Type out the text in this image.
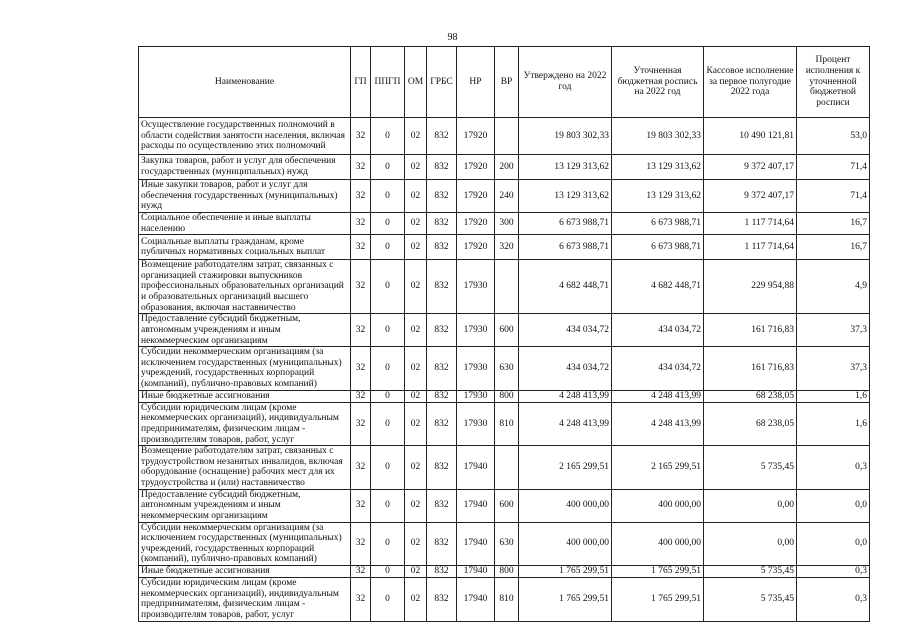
98
Наименование	ГП	ППГП	ОМ	ГРБС	НР	ВР	Утверждено на 2022 год	Уточненная бюджетная роспись на 2022 год	Кассовое исполнение за первое полугодие 2022 года	Процент исполнения к уточненной бюджетной росписи
Осуществление государственных полномочий в области содействия занятости населения, включая расходы по осуществлению этих полномочий	32	0	02	832	17920		19 803 302,33	19 803 302,33	10 490 121,81	53,0
Закупка товаров, работ и услуг для обеспечения государственных (муниципальных) нужд	32	0	02	832	17920	200	13 129 313,62	13 129 313,62	9 372 407,17	71,4
Иные закупки товаров, работ и услуг для обеспечения государственных (муниципальных) нужд	32	0	02	832	17920	240	13 129 313,62	13 129 313,62	9 372 407,17	71,4
Социальное обеспечение и иные выплаты населению	32	0	02	832	17920	300	6 673 988,71	6 673 988,71	1 117 714,64	16,7
Социальные выплаты гражданам, кроме публичных нормативных социальных выплат	32	0	02	832	17920	320	6 673 988,71	6 673 988,71	1 117 714,64	16,7
Возмещение работодателям затрат, связанных с организацией стажировки выпускников профессиональных образовательных организаций и образовательных организаций высшего образования, включая наставничество	32	0	02	832	17930		4 682 448,71	4 682 448,71	229 954,88	4,9
Предоставление субсидий бюджетным, автономным учреждениям и иным некоммерческим организациям	32	0	02	832	17930	600	434 034,72	434 034,72	161 716,83	37,3
Субсидии некоммерческим организациям (за исключением государственных (муниципальных) учреждений, государственных корпораций (компаний), публично-правовых компаний)	32	0	02	832	17930	630	434 034,72	434 034,72	161 716,83	37,3
Иные бюджетные ассигнования	32	0	02	832	17930	800	4 248 413,99	4 248 413,99	68 238,05	1,6
Субсидии юридическим лицам (кроме некоммерческих организаций), индивидуальным предпринимателям, физическим лицам - производителям товаров, работ, услуг	32	0	02	832	17930	810	4 248 413,99	4 248 413,99	68 238,05	1,6
Возмещение работодателям затрат, связанных с трудоустройством незанятых инвалидов, включая оборудование (оснащение) рабочих мест для их трудоустройства и (или) наставничество	32	0	02	832	17940		2 165 299,51	2 165 299,51	5 735,45	0,3
Предоставление субсидий бюджетным, автономным учреждениям и иным некоммерческим организациям	32	0	02	832	17940	600	400 000,00	400 000,00	0,00	0,0
Субсидии некоммерческим организациям (за исключением государственных (муниципальных) учреждений, государственных корпораций (компаний), публично-правовых компаний)	32	0	02	832	17940	630	400 000,00	400 000,00	0,00	0,0
Иные бюджетные ассигнования	32	0	02	832	17940	800	1 765 299,51	1 765 299,51	5 735,45	0,3
Субсидии юридическим лицам (кроме некоммерческих организаций), индивидуальным предпринимателям, физическим лицам - производителям товаров, работ, услуг	32	0	02	832	17940	810	1 765 299,51	1 765 299,51	5 735,45	0,3
